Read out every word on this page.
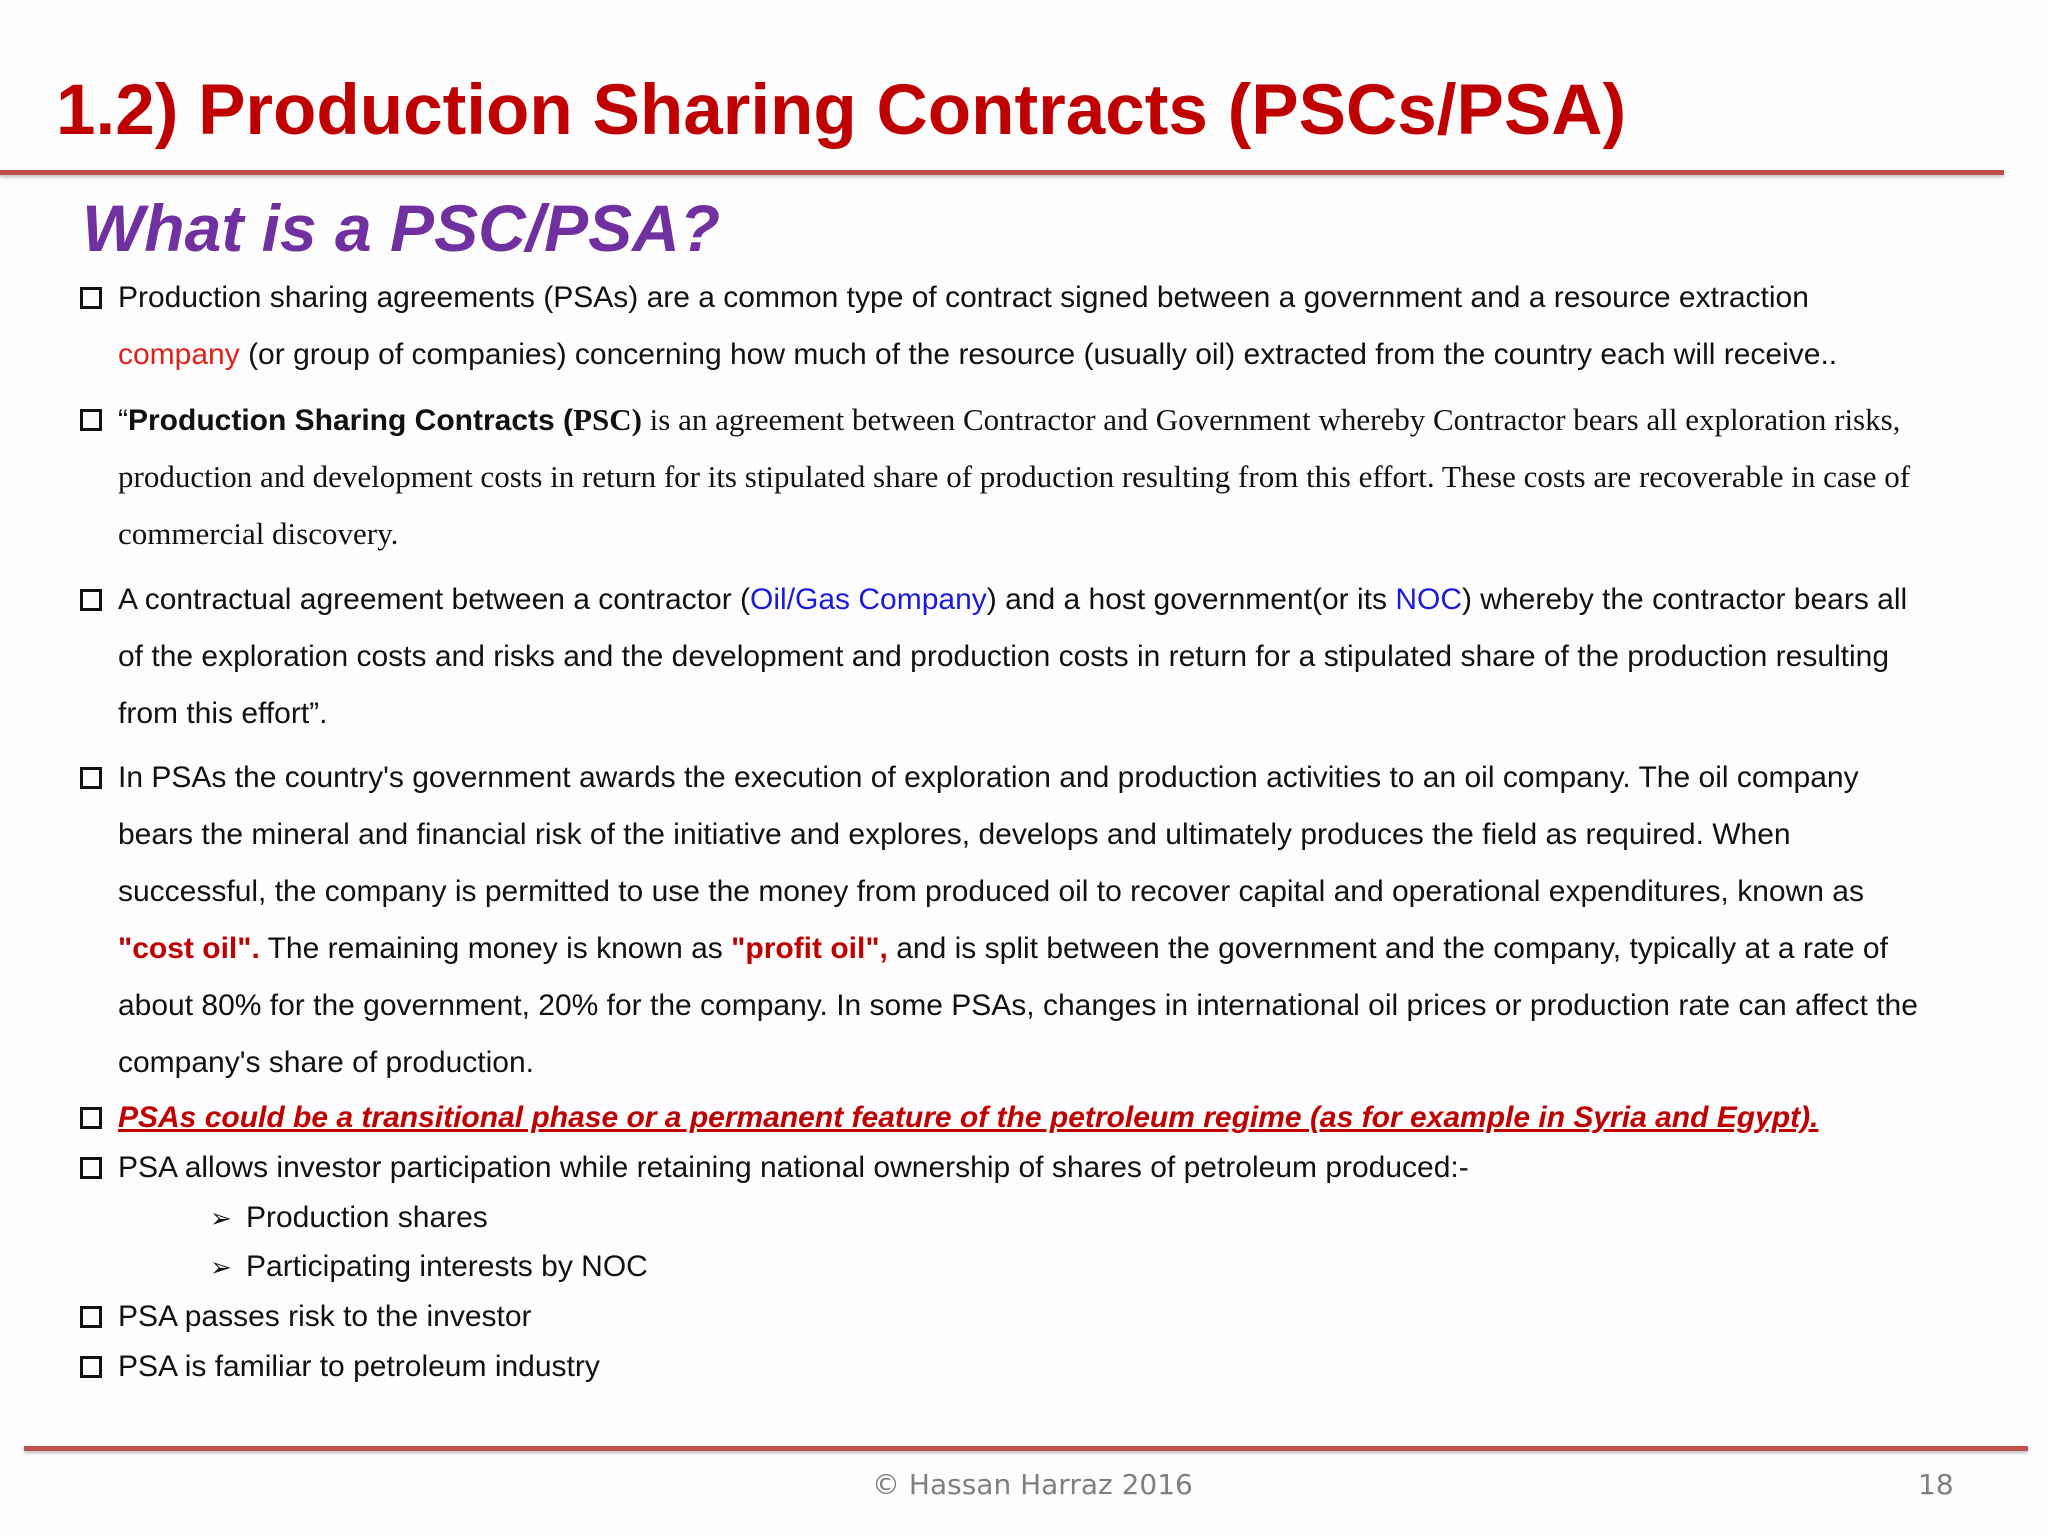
1.2) Production Sharing Contracts (PSCs/PSA)
What is a PSC/PSA?
Production sharing agreements (PSAs) are a common type of contract signed between a government and a resource extraction
company (or group of companies) concerning how much of the resource (usually oil) extracted from the country each will receive..
“Production Sharing Contracts (PSC) is an agreement between Contractor and Government whereby Contractor bears all exploration risks,
production and development costs in return for its stipulated share of production resulting from this effort. These costs are recoverable in case of
commercial discovery.
A contractual agreement between a contractor (Oil/Gas Company) and a host government(or its NOC) whereby the contractor bears all
of the exploration costs and risks and the development and production costs in return for a stipulated share of the production resulting
from this effort”.
In PSAs the country's government awards the execution of exploration and production activities to an oil company. The oil company
bears the mineral and financial risk of the initiative and explores, develops and ultimately produces the field as required. When
successful, the company is permitted to use the money from produced oil to recover capital and operational expenditures, known as
"cost oil". The remaining money is known as "profit oil", and is split between the government and the company, typically at a rate of
about 80% for the government, 20% for the company. In some PSAs, changes in international oil prices or production rate can affect the
company's share of production.
PSAs could be a transitional phase or a permanent feature of the petroleum regime (as for example in Syria and Egypt).
PSA allows investor participation while retaining national ownership of shares of petroleum produced:-
➢ Production shares
➢ Participating interests by NOC
PSA passes risk to the investor
PSA is familiar to petroleum industry
© Hassan Harraz 2016	18
